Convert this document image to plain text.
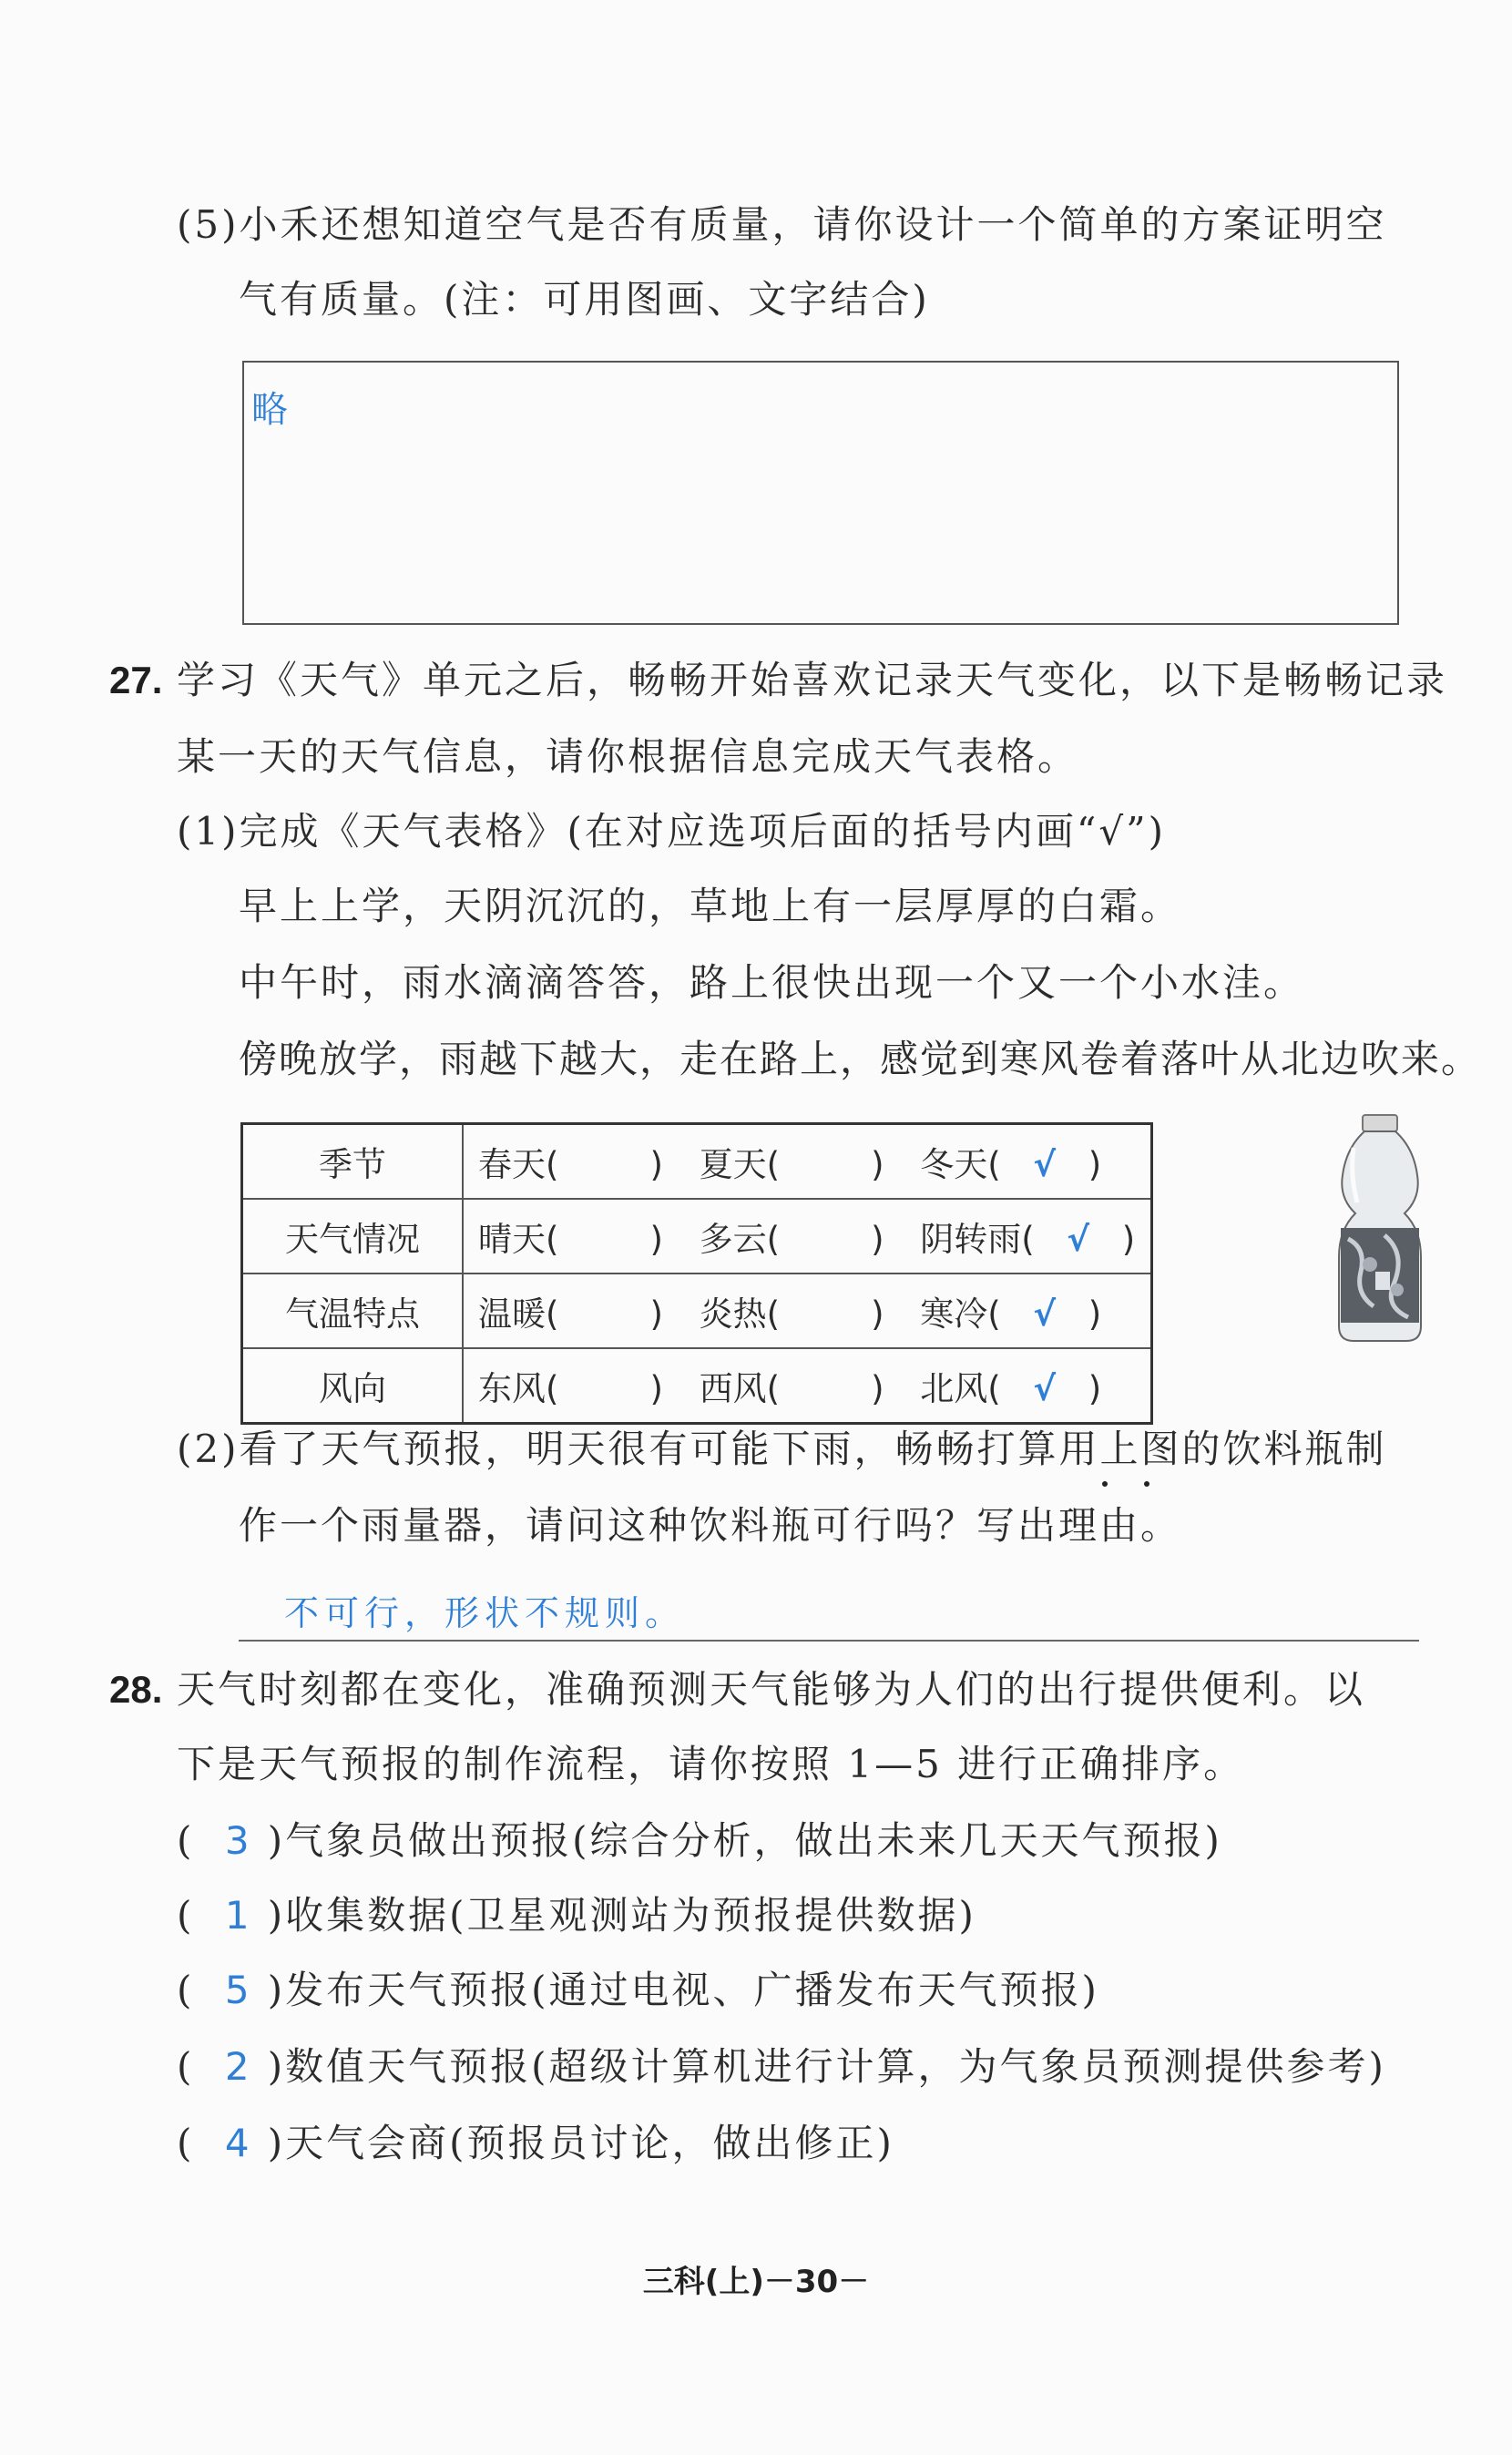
(5)小禾还想知道空气是否有质量，请你设计一个简单的方案证明空
气有质量。(注：可用图画、文字结合)
略
27. 学习《天气》单元之后，畅畅开始喜欢记录天气变化，以下是畅畅记录
某一天的天气信息，请你根据信息完成天气表格。
(1)完成《天气表格》(在对应选项后面的括号内画“√”)
早上上学，天阴沉沉的，草地上有一层厚厚的白霜。
中午时，雨水滴滴答答，路上很快出现一个又一个小水洼。
傍晚放学，雨越下越大，走在路上，感觉到寒风卷着落叶从北边吹来。
季节	春天( ) 夏天( ) 冬天( √ )
天气情况	晴天( ) 多云( ) 阴转雨( √ )
气温特点	温暖( ) 炎热( ) 寒冷( √ )
风向	东风( ) 西风( ) 北风( √ )
(2)看了天气预报，明天很有可能下雨，畅畅打算用上图的饮料瓶制
作一个雨量器，请问这种饮料瓶可行吗？写出理由。
不可行，形状不规则。
28. 天气时刻都在变化，准确预测天气能够为人们的出行提供便利。以
下是天气预报的制作流程，请你按照 1—5 进行正确排序。
( 3 )气象员做出预报(综合分析，做出未来几天天气预报)
( 1 )收集数据(卫星观测站为预报提供数据)
( 5 )发布天气预报(通过电视、广播发布天气预报)
( 2 )数值天气预报(超级计算机进行计算，为气象员预测提供参考)
( 4 )天气会商(预报员讨论，做出修正)
三科(上)－30－
